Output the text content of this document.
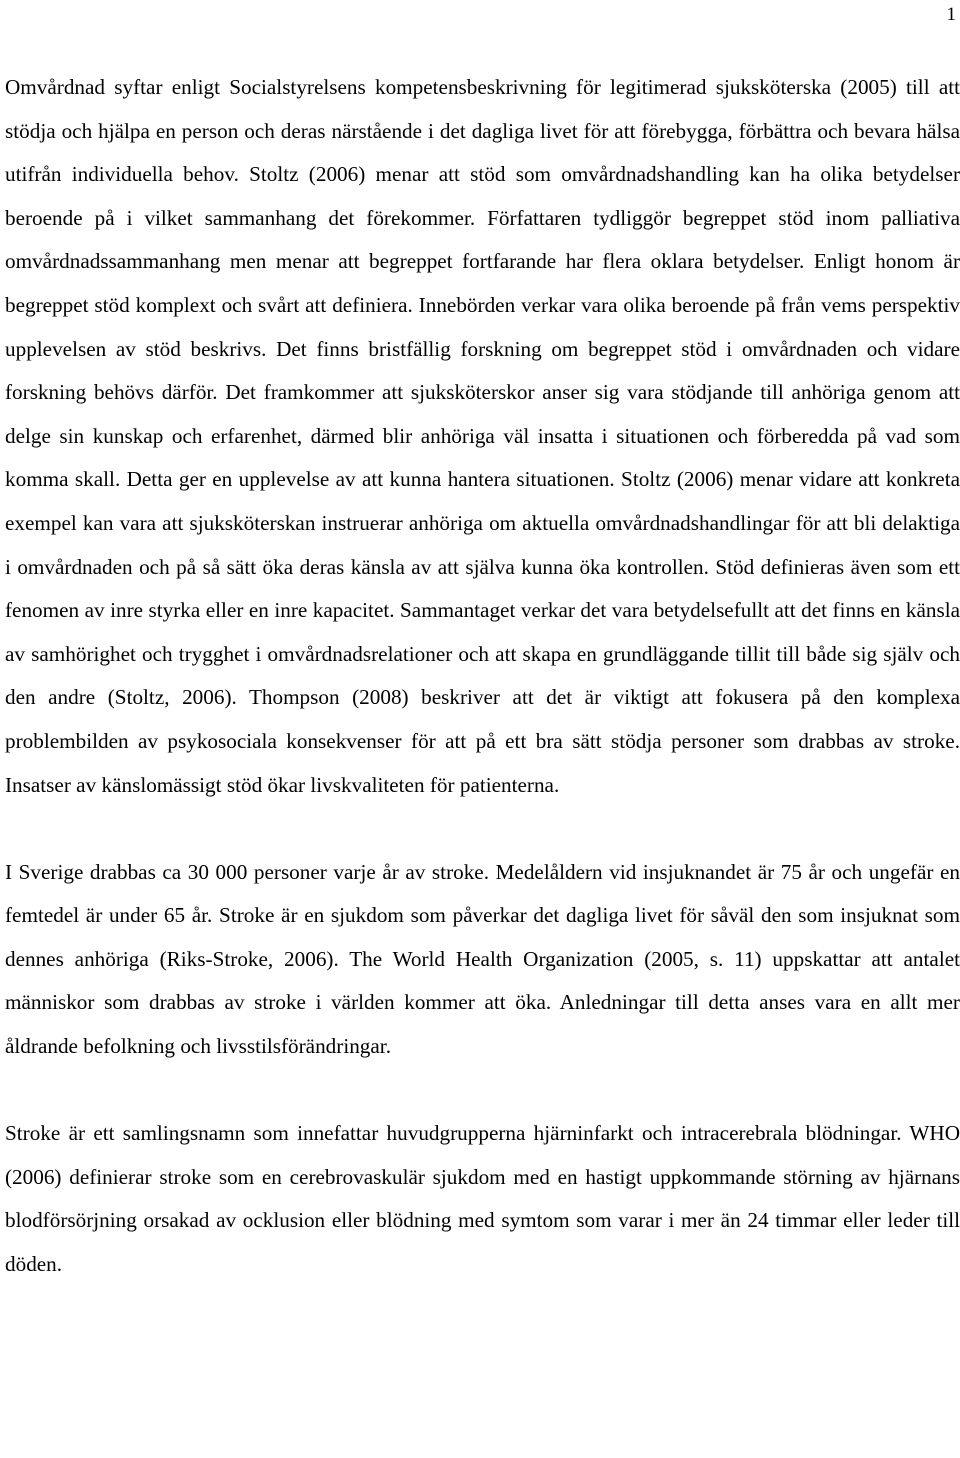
1

Omvårdnad syftar enligt Socialstyrelsens kompetensbeskrivning för legitimerad sjuksköterska (2005) till att stödja och hjälpa en person och deras närstående i det dagliga livet för att förebygga, förbättra och bevara hälsa utifrån individuella behov. Stoltz (2006) menar att stöd som omvårdnadshandling kan ha olika betydelser beroende på i vilket sammanhang det förekommer. Författaren tydliggör begreppet stöd inom palliativa omvårdnadssammanhang men menar att begreppet fortfarande har flera oklara betydelser. Enligt honom är begreppet stöd komplext och svårt att definiera. Innebörden verkar vara olika beroende på från vems perspektiv upplevelsen av stöd beskrivs. Det finns bristfällig forskning om begreppet stöd i omvårdnaden och vidare forskning behövs därför. Det framkommer att sjuksköterskor anser sig vara stödjande till anhöriga genom att delge sin kunskap och erfarenhet, därmed blir anhöriga väl insatta i situationen och förberedda på vad som komma skall. Detta ger en upplevelse av att kunna hantera situationen. Stoltz (2006) menar vidare att konkreta exempel kan vara att sjuksköterskan instruerar anhöriga om aktuella omvårdnadshandlingar för att bli delaktiga i omvårdnaden och på så sätt öka deras känsla av att själva kunna öka kontrollen. Stöd definieras även som ett fenomen av inre styrka eller en inre kapacitet. Sammantaget verkar det vara betydelsefullt att det finns en känsla av samhörighet och trygghet i omvårdnadsrelationer och att skapa en grundläggande tillit till både sig själv och den andre (Stoltz, 2006). Thompson (2008) beskriver att det är viktigt att fokusera på den komplexa problembilden av psykosociala konsekvenser för att på ett bra sätt stödja personer som drabbas av stroke. Insatser av känslomässigt stöd ökar livskvaliteten för patienterna.

I Sverige drabbas ca 30 000 personer varje år av stroke. Medelåldern vid insjuknandet är 75 år och ungefär en femtedel är under 65 år. Stroke är en sjukdom som påverkar det dagliga livet för såväl den som insjuknat som dennes anhöriga (Riks-Stroke, 2006). The World Health Organization (2005, s. 11) uppskattar att antalet människor som drabbas av stroke i världen kommer att öka. Anledningar till detta anses vara en allt mer åldrande befolkning och livsstilsförändringar.

Stroke är ett samlingsnamn som innefattar huvudgrupperna hjärninfarkt och intracerebrala blödningar. WHO (2006) definierar stroke som en cerebrovaskulär sjukdom med en hastigt uppkommande störning av hjärnans blodförsörjning orsakad av ocklusion eller blödning med symtom som varar i mer än 24 timmar eller leder till döden.
